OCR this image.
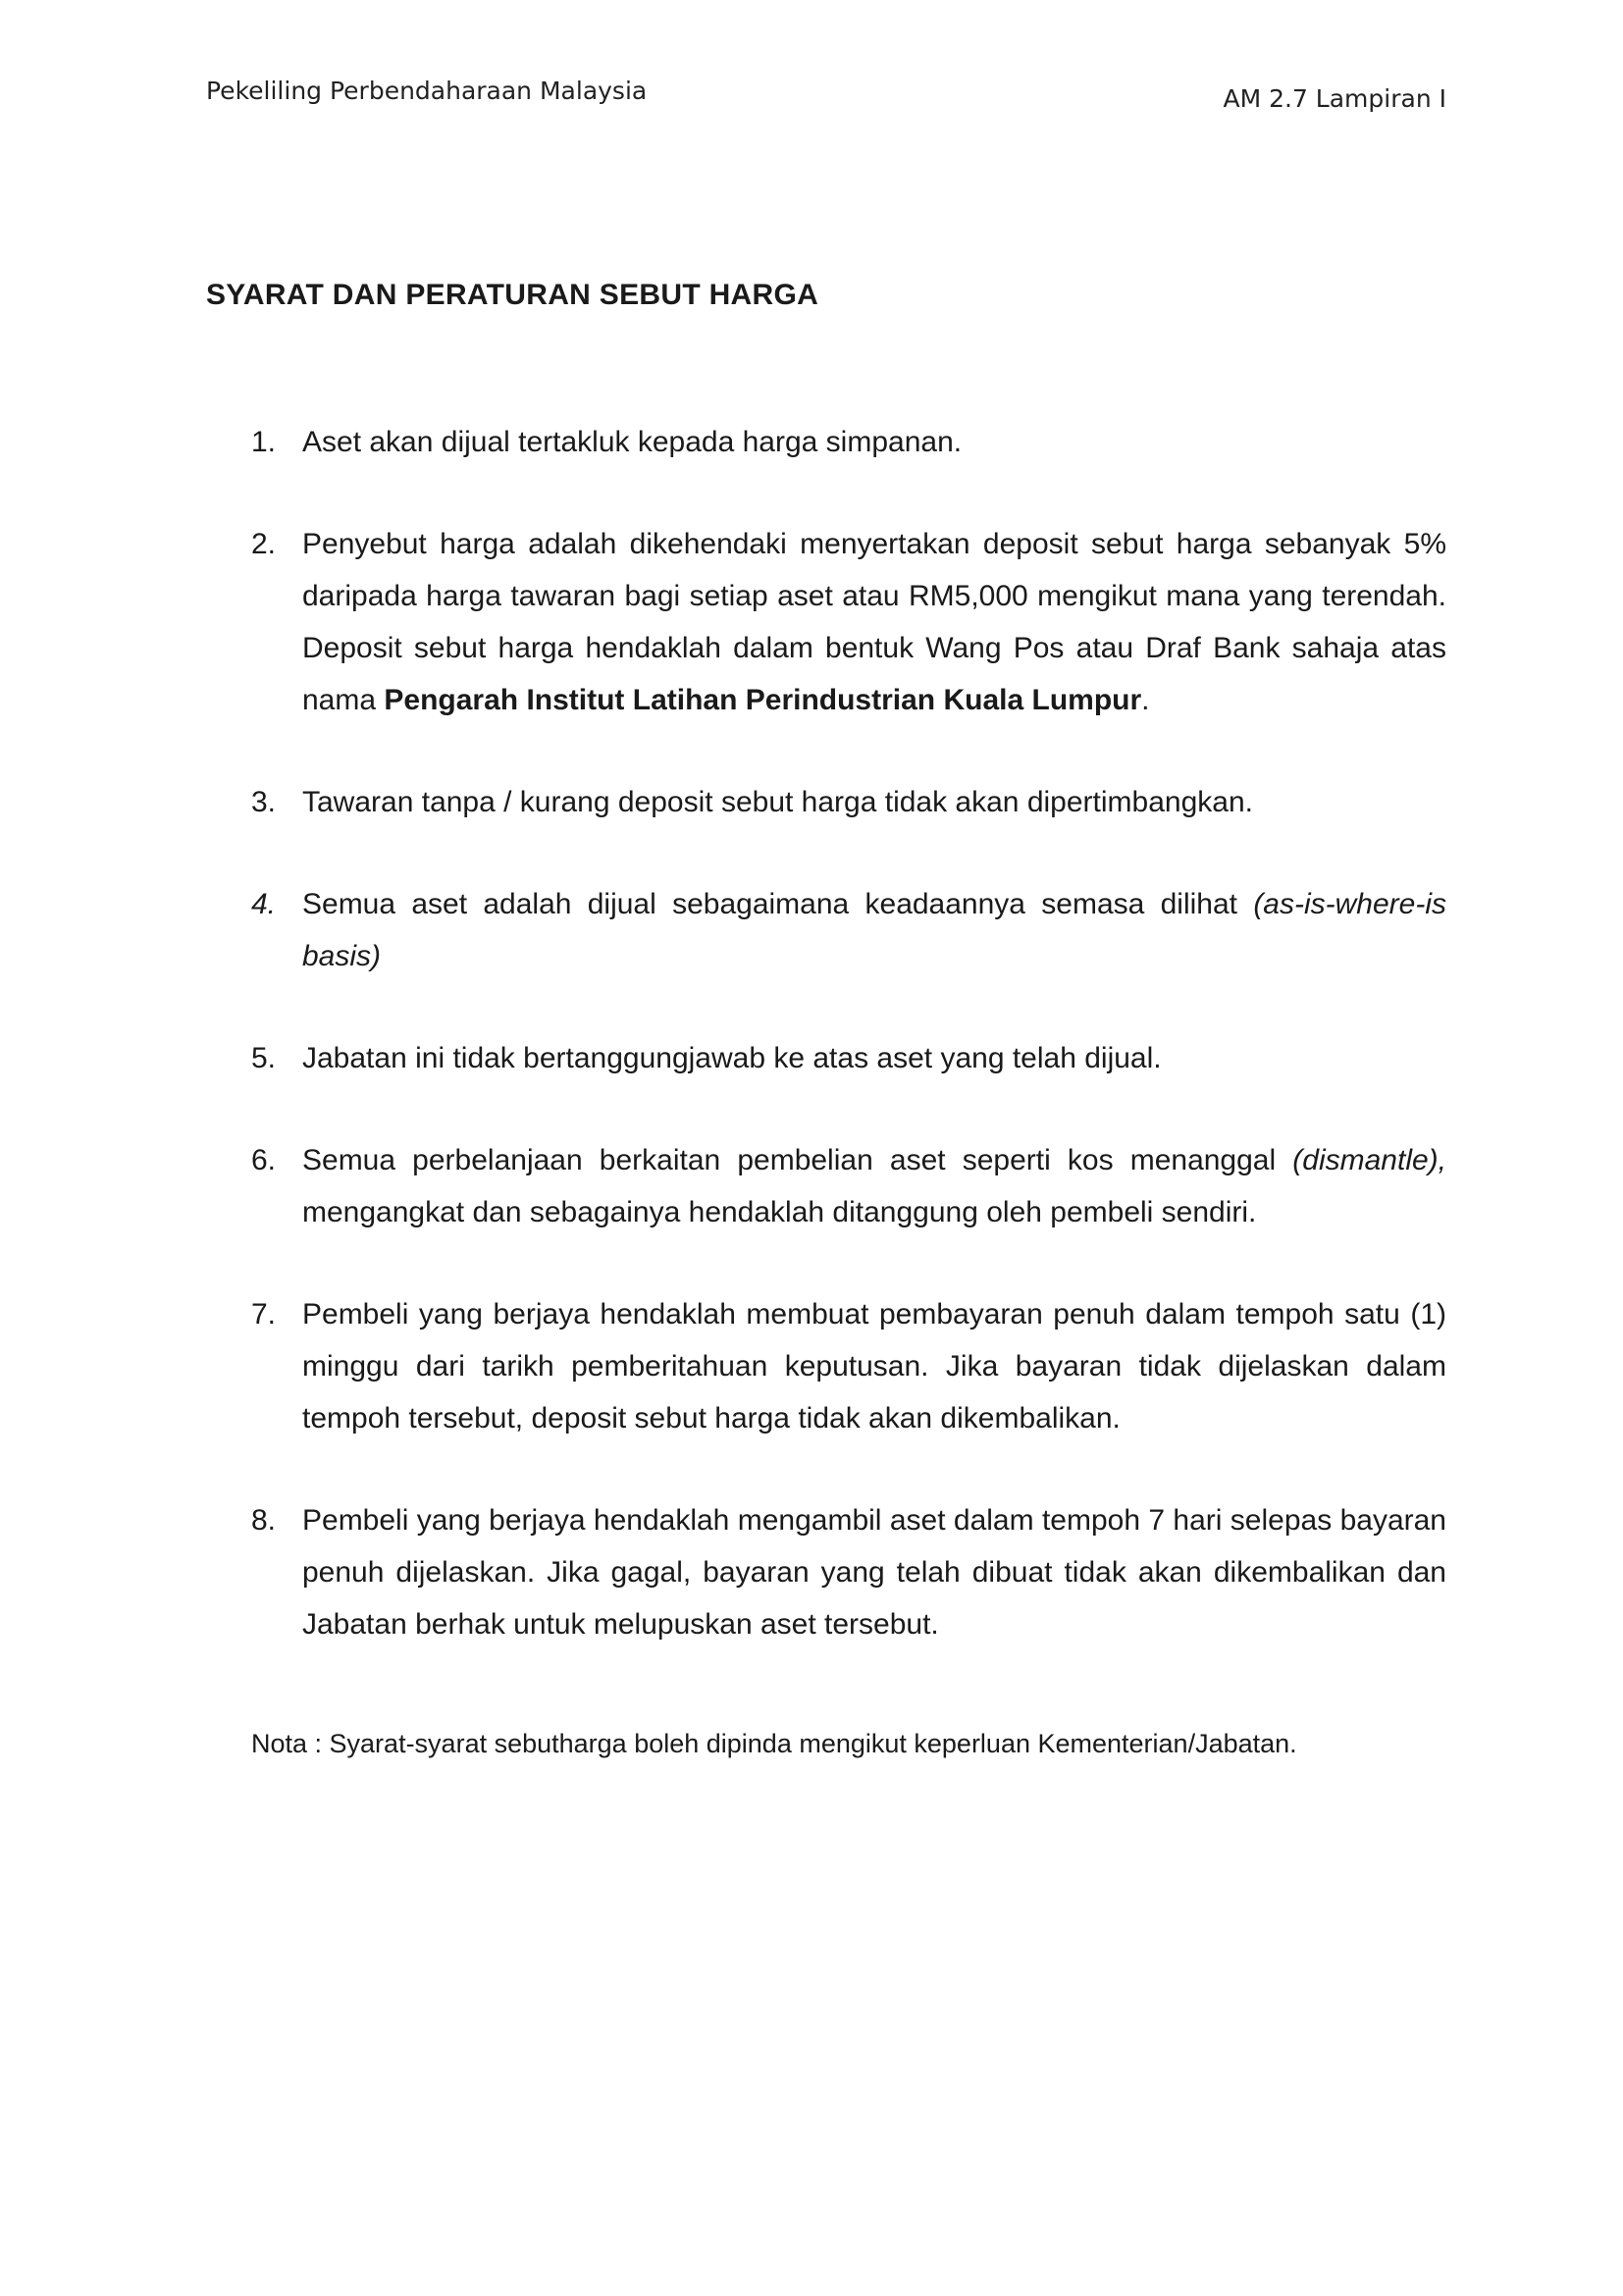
Pekeliling Perbendaharaan Malaysia	AM 2.7 Lampiran I
SYARAT DAN PERATURAN SEBUT HARGA
1. Aset akan dijual tertakluk kepada harga simpanan.
2. Penyebut harga adalah dikehendaki menyertakan deposit sebut harga sebanyak 5% daripada harga tawaran bagi setiap aset atau RM5,000 mengikut mana yang terendah. Deposit sebut harga hendaklah dalam bentuk Wang Pos atau Draf Bank sahaja atas nama Pengarah Institut Latihan Perindustrian Kuala Lumpur.
3. Tawaran tanpa / kurang deposit sebut harga tidak akan dipertimbangkan.
4. Semua aset adalah dijual sebagaimana keadaannya semasa dilihat (as-is-where-is basis)
5. Jabatan ini tidak bertanggungjawab ke atas aset yang telah dijual.
6. Semua perbelanjaan berkaitan pembelian aset seperti kos menanggal (dismantle), mengangkat dan sebagainya hendaklah ditanggung oleh pembeli sendiri.
7. Pembeli yang berjaya hendaklah membuat pembayaran penuh dalam tempoh satu (1) minggu dari tarikh pemberitahuan keputusan. Jika bayaran tidak dijelaskan dalam tempoh tersebut, deposit sebut harga tidak akan dikembalikan.
8. Pembeli yang berjaya hendaklah mengambil aset dalam tempoh 7 hari selepas bayaran penuh dijelaskan. Jika gagal, bayaran yang telah dibuat tidak akan dikembalikan dan Jabatan berhak untuk melupuskan aset tersebut.
Nota : Syarat-syarat sebutharga boleh dipinda mengikut keperluan Kementerian/Jabatan.
